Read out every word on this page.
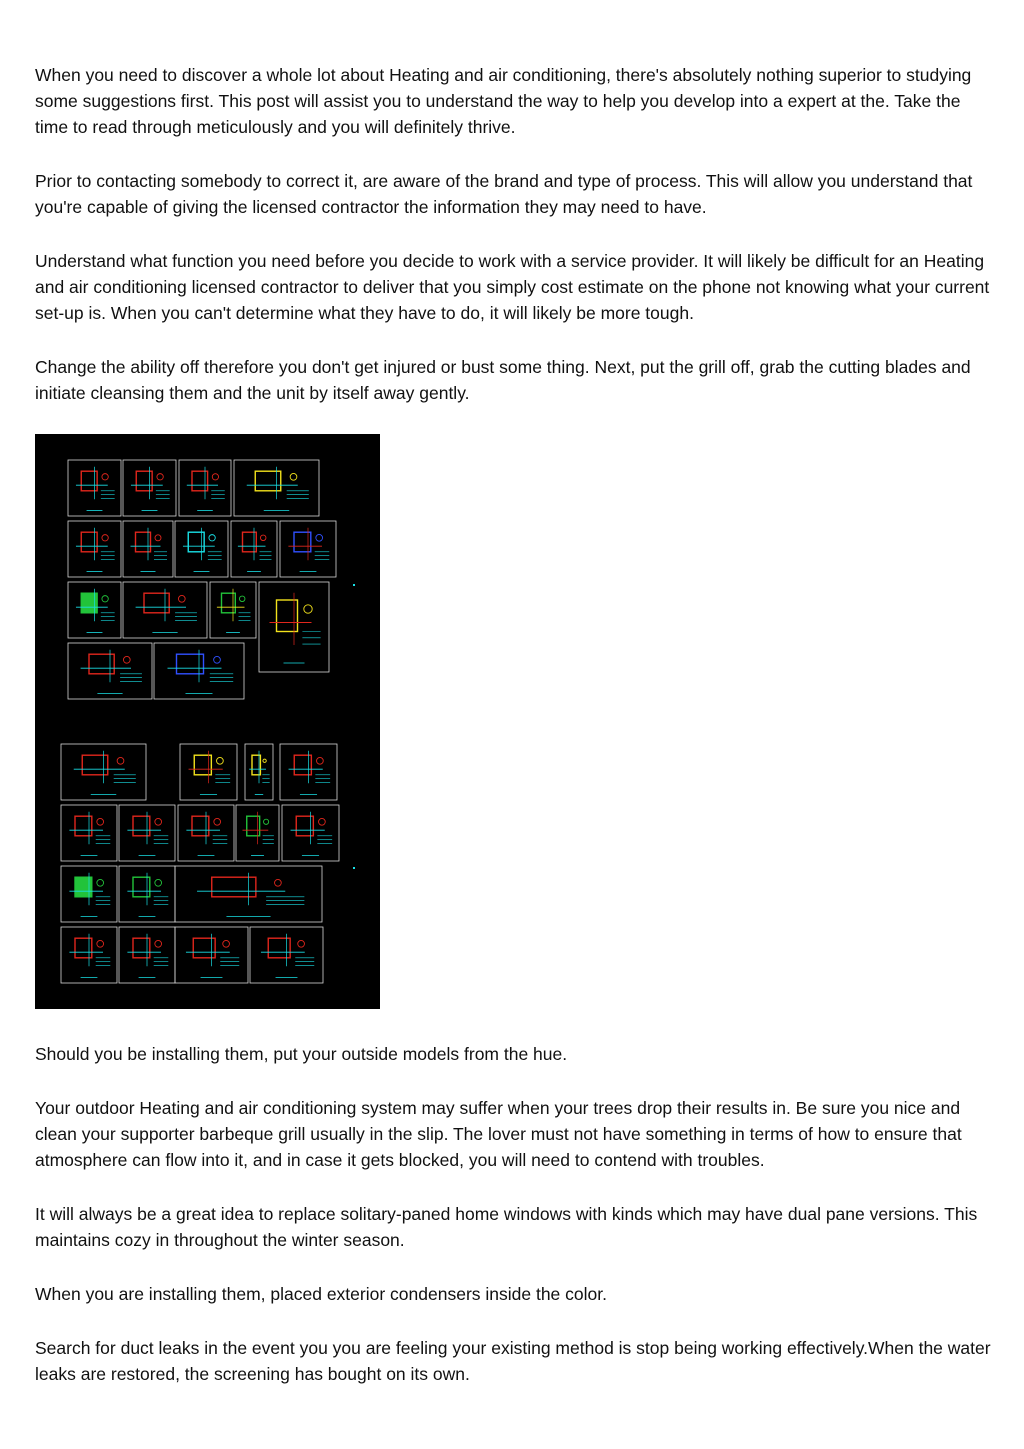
When you need to discover a whole lot about Heating and air conditioning, there's absolutely nothing superior to studying some suggestions first. This post will assist you to understand the way to help you develop into a expert at the. Take the time to read through meticulously and you will definitely thrive.

Prior to contacting somebody to correct it, are aware of the brand and type of process. This will allow you understand that you're capable of giving the licensed contractor the information they may need to have.

Understand what function you need before you decide to work with a service provider. It will likely be difficult for an Heating and air conditioning licensed contractor to deliver that you simply cost estimate on the phone not knowing what your current set-up is. When you can't determine what they have to do, it will likely be more tough.

Change the ability off therefore you don't get injured or bust some thing. Next, put the grill off, grab the cutting blades and initiate cleansing them and the unit by itself away gently.

Should you be installing them, put your outside models from the hue.

Your outdoor Heating and air conditioning system may suffer when your trees drop their results in. Be sure you nice and clean your supporter barbeque grill usually in the slip. The lover must not have something in terms of how to ensure that atmosphere can flow into it, and in case it gets blocked, you will need to contend with troubles.

It will always be a great idea to replace solitary-paned home windows with kinds which may have dual pane versions. This maintains cozy in throughout the winter season.

When you are installing them, placed exterior condensers inside the color.

Search for duct leaks in the event you you are feeling your existing method is stop being working effectively.When the water leaks are restored, the screening has bought on its own.
